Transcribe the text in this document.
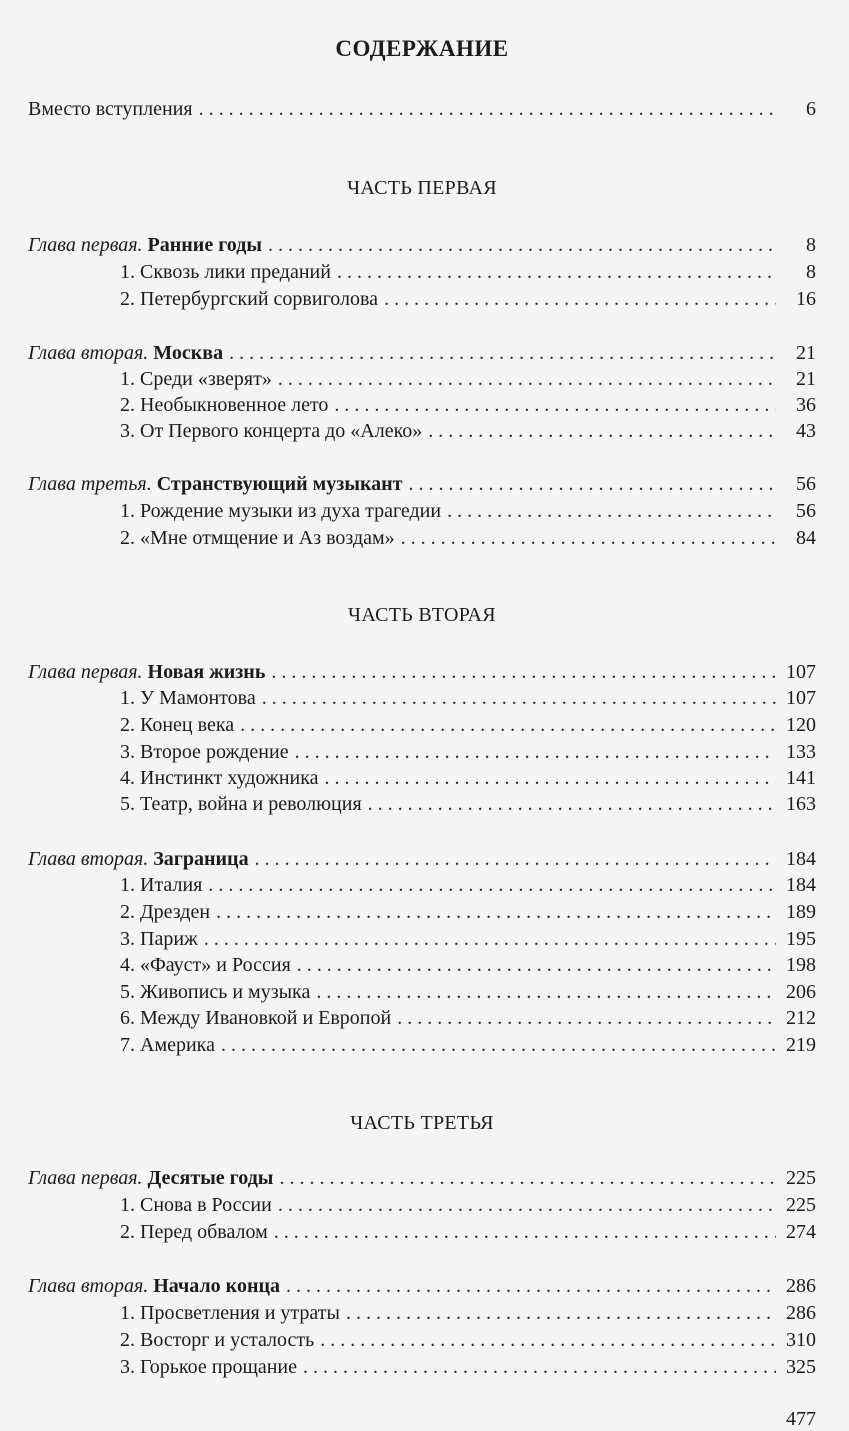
СОДЕРЖАНИЕ
Вместо вступления . . .	6
ЧАСТЬ ПЕРВАЯ
Глава первая. Ранние годы . . .	8
1. Сквозь лики преданий . . .	8
2. Петербургский сорвиголова . . .	16
Глава вторая. Москва . . .	21
1. Среди «зверят» . . .	21
2. Необыкновенное лето . . .	36
3. От Первого концерта до «Алеко» . . .	43
Глава третья. Странствующий музыкант . . .	56
1. Рождение музыки из духа трагедии . . .	56
2. «Мне отмщение и Аз воздам» . . .	84
ЧАСТЬ ВТОРАЯ
Глава первая. Новая жизнь . . .	107
1. У Мамонтова . . .	107
2. Конец века . . .	120
3. Второе рождение . . .	133
4. Инстинкт художника . . .	141
5. Театр, война и революция . . .	163
Глава вторая. Заграница . . .	184
1. Италия . . .	184
2. Дрезден . . .	189
3. Париж . . .	195
4. «Фауст» и Россия . . .	198
5. Живопись и музыка . . .	206
6. Между Ивановкой и Европой . . .	212
7. Америка . . .	219
ЧАСТЬ ТРЕТЬЯ
Глава первая. Десятые годы . . .	225
1. Снова в России . . .	225
2. Перед обвалом . . .	274
Глава вторая. Начало конца . . .	286
1. Просветления и утраты . . .	286
2. Восторг и усталость . . .	310
3. Горькое прощание . . .	325
477
